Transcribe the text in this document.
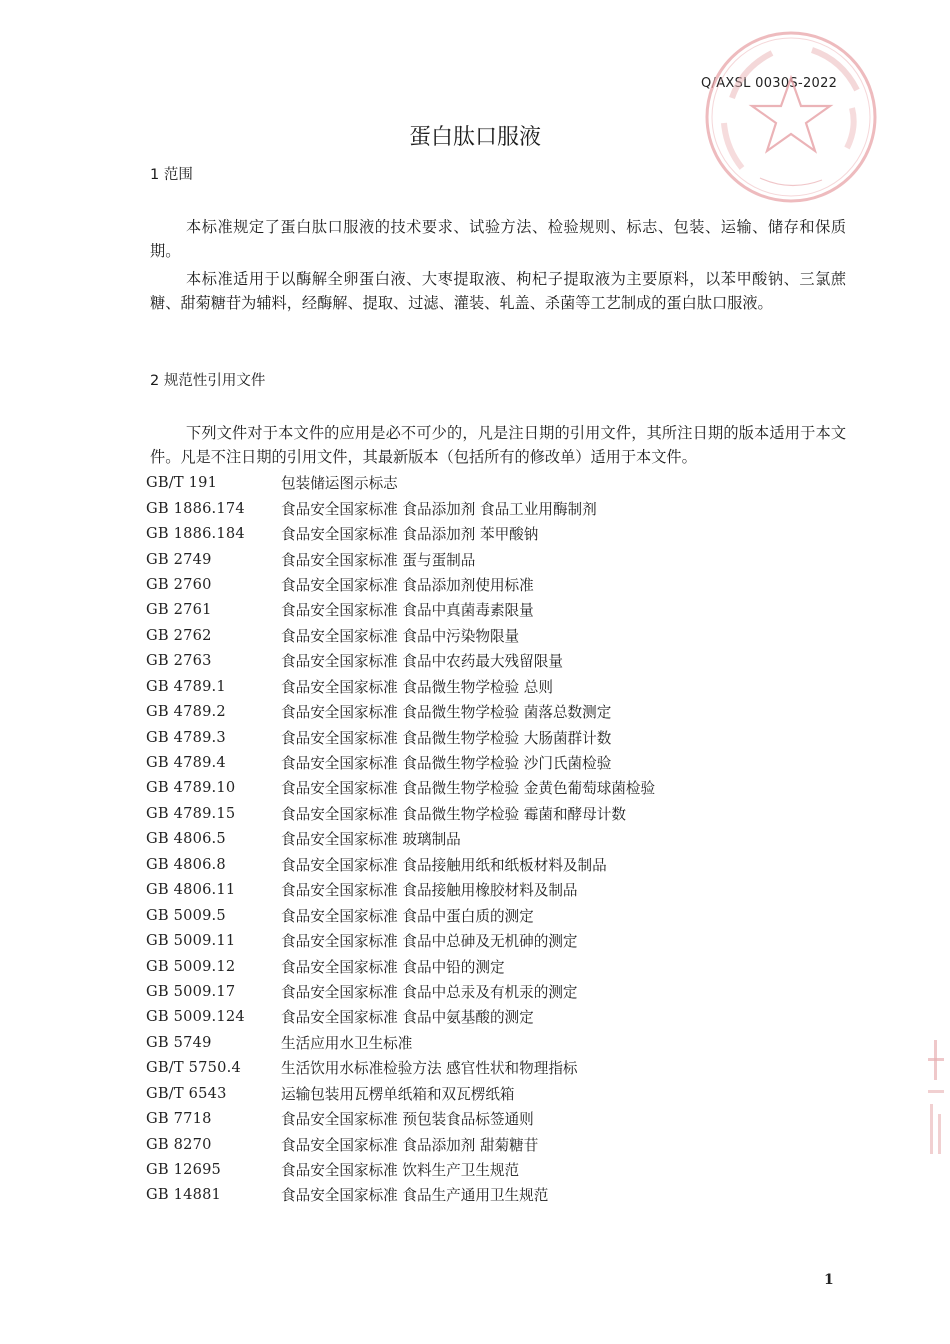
Q/AXSL 0030S-2022
蛋白肽口服液
1 范围

本标准规定了蛋白肽口服液的技术要求、试验方法、检验规则、标志、包装、运输、储存和保质期。

本标准适用于以酶解全卵蛋白液、大枣提取液、枸杞子提取液为主要原料，以苯甲酸钠、三氯蔗糖、甜菊糖苷为辅料，经酶解、提取、过滤、灌装、轧盖、杀菌等工艺制成的蛋白肽口服液。

2 规范性引用文件

下列文件对于本文件的应用是必不可少的，凡是注日期的引用文件，其所注日期的版本适用于本文件。凡是不注日期的引用文件，其最新版本（包括所有的修改单）适用于本文件。

GB/T 191	包装储运图示标志
GB 1886.174	食品安全国家标准 食品添加剂 食品工业用酶制剂
GB 1886.184	食品安全国家标准 食品添加剂 苯甲酸钠
GB 2749	食品安全国家标准 蛋与蛋制品
GB 2760	食品安全国家标准 食品添加剂使用标准
GB 2761	食品安全国家标准 食品中真菌毒素限量
GB 2762	食品安全国家标准 食品中污染物限量
GB 2763	食品安全国家标准 食品中农药最大残留限量
GB 4789.1	食品安全国家标准 食品微生物学检验 总则
GB 4789.2	食品安全国家标准 食品微生物学检验 菌落总数测定
GB 4789.3	食品安全国家标准 食品微生物学检验 大肠菌群计数
GB 4789.4	食品安全国家标准 食品微生物学检验 沙门氏菌检验
GB 4789.10	食品安全国家标准 食品微生物学检验 金黄色葡萄球菌检验
GB 4789.15	食品安全国家标准 食品微生物学检验 霉菌和酵母计数
GB 4806.5	食品安全国家标准 玻璃制品
GB 4806.8	食品安全国家标准 食品接触用纸和纸板材料及制品
GB 4806.11	食品安全国家标准 食品接触用橡胶材料及制品
GB 5009.5	食品安全国家标准 食品中蛋白质的测定
GB 5009.11	食品安全国家标准 食品中总砷及无机砷的测定
GB 5009.12	食品安全国家标准 食品中铅的测定
GB 5009.17	食品安全国家标准 食品中总汞及有机汞的测定
GB 5009.124	食品安全国家标准 食品中氨基酸的测定
GB 5749	生活应用水卫生标准
GB/T 5750.4	生活饮用水标准检验方法 感官性状和物理指标
GB/T 6543	运输包装用瓦楞单纸箱和双瓦楞纸箱
GB 7718	食品安全国家标准 预包装食品标签通则
GB 8270	食品安全国家标准 食品添加剂 甜菊糖苷
GB 12695	食品安全国家标准 饮料生产卫生规范
GB 14881	食品安全国家标准 食品生产通用卫生规范
1
